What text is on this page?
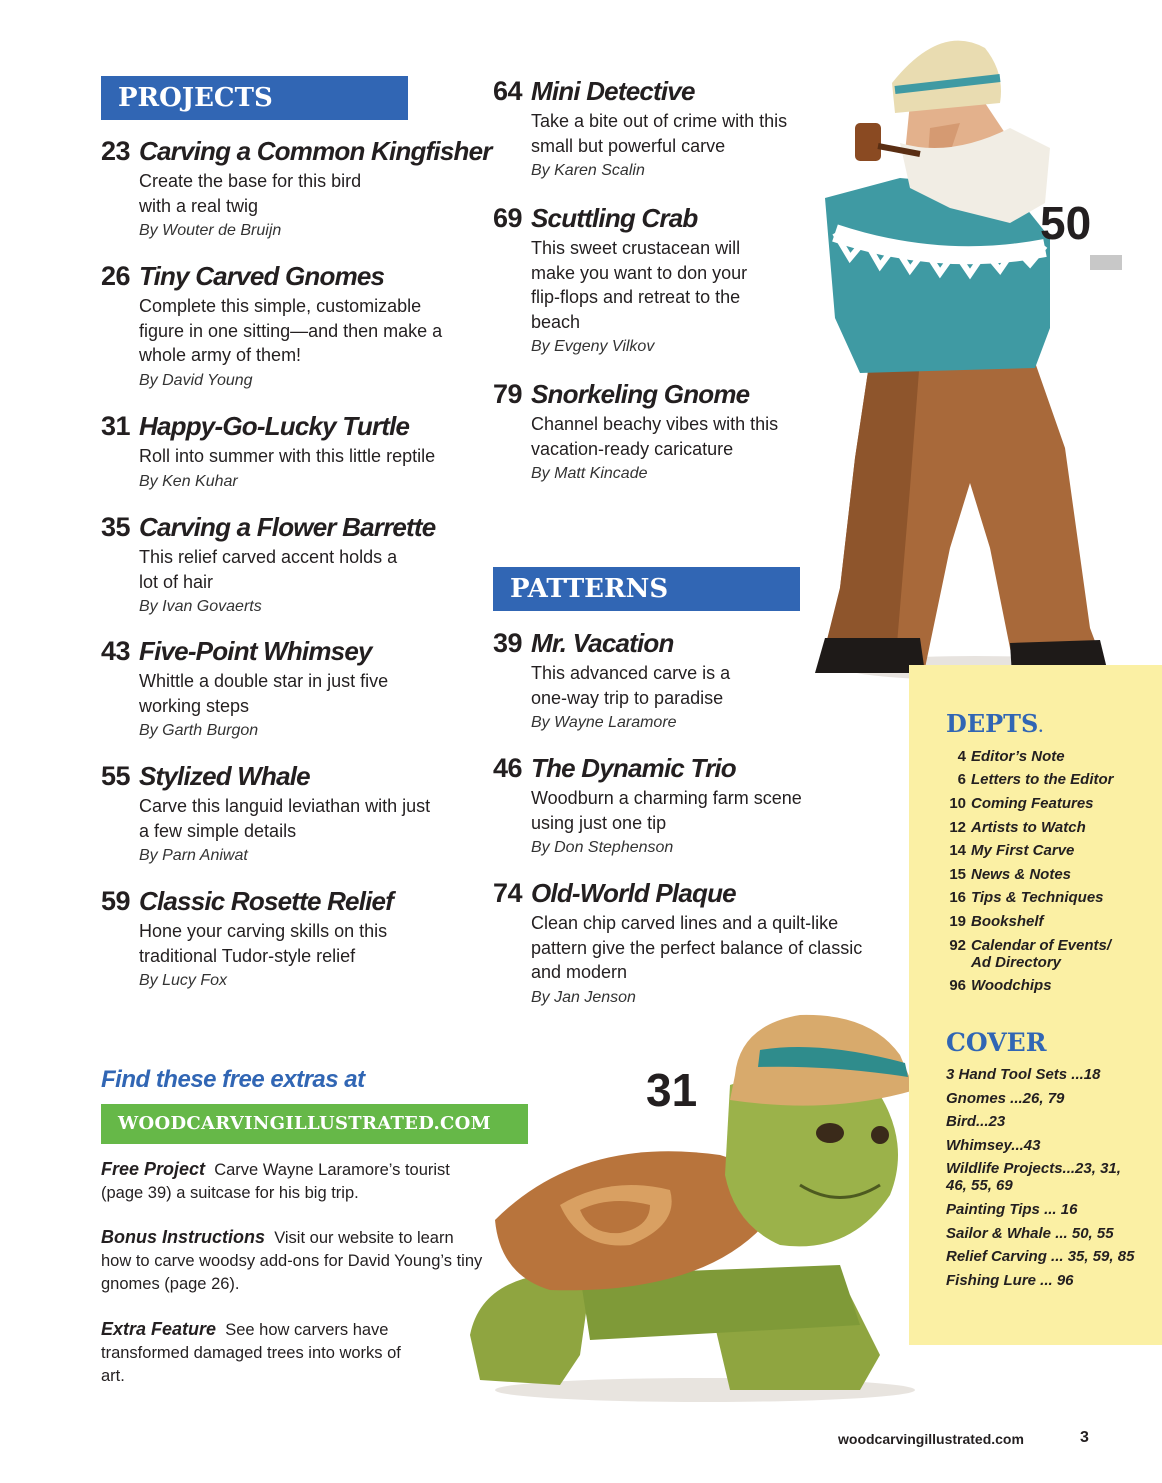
PROJECTS
23 Carving a Common Kingfisher
Create the base for this bird with a real twig
By Wouter de Bruijn
26 Tiny Carved Gnomes
Complete this simple, customizable figure in one sitting—and then make a whole army of them!
By David Young
31 Happy-Go-Lucky Turtle
Roll into summer with this little reptile
By Ken Kuhar
35 Carving a Flower Barrette
This relief carved accent holds a lot of hair
By Ivan Govaerts
43 Five-Point Whimsey
Whittle a double star in just five working steps
By Garth Burgon
55 Stylized Whale
Carve this languid leviathan with just a few simple details
By Parn Aniwat
59 Classic Rosette Relief
Hone your carving skills on this traditional Tudor-style relief
By Lucy Fox
64 Mini Detective
Take a bite out of crime with this small but powerful carve
By Karen Scalin
69 Scuttling Crab
This sweet crustacean will make you want to don your flip-flops and retreat to the beach
By Evgeny Vilkov
79 Snorkeling Gnome
Channel beachy vibes with this vacation-ready caricature
By Matt Kincade
PATTERNS
39 Mr. Vacation
This advanced carve is a one-way trip to paradise
By Wayne Laramore
46 The Dynamic Trio
Woodburn a charming farm scene using just one tip
By Don Stephenson
74 Old-World Plaque
Clean chip carved lines and a quilt-like pattern give the perfect balance of classic and modern
By Jan Jenson
50
31
DEPTS.
4 Editor’s Note
6 Letters to the Editor
10 Coming Features
12 Artists to Watch
14 My First Carve
15 News & Notes
16 Tips & Techniques
19 Bookshelf
92 Calendar of Events/ Ad Directory
96 Woodchips
COVER
3 Hand Tool Sets ...18
Gnomes ...26, 79
Bird...23
Whimsey...43
Wildlife Projects...23, 31, 46, 55, 69
Painting Tips ... 16
Sailor & Whale ... 50, 55
Relief Carving ... 35, 59, 85
Fishing Lure ... 96
Find these free extras at
WOODCARVINGILLUSTRATED.COM
Free Project Carve Wayne Laramore’s tourist (page 39) a suitcase for his big trip.
Bonus Instructions Visit our website to learn how to carve woodsy add-ons for David Young’s tiny gnomes (page 26).
Extra Feature See how carvers have transformed damaged trees into works of art.
woodcarvingillustrated.com	3
